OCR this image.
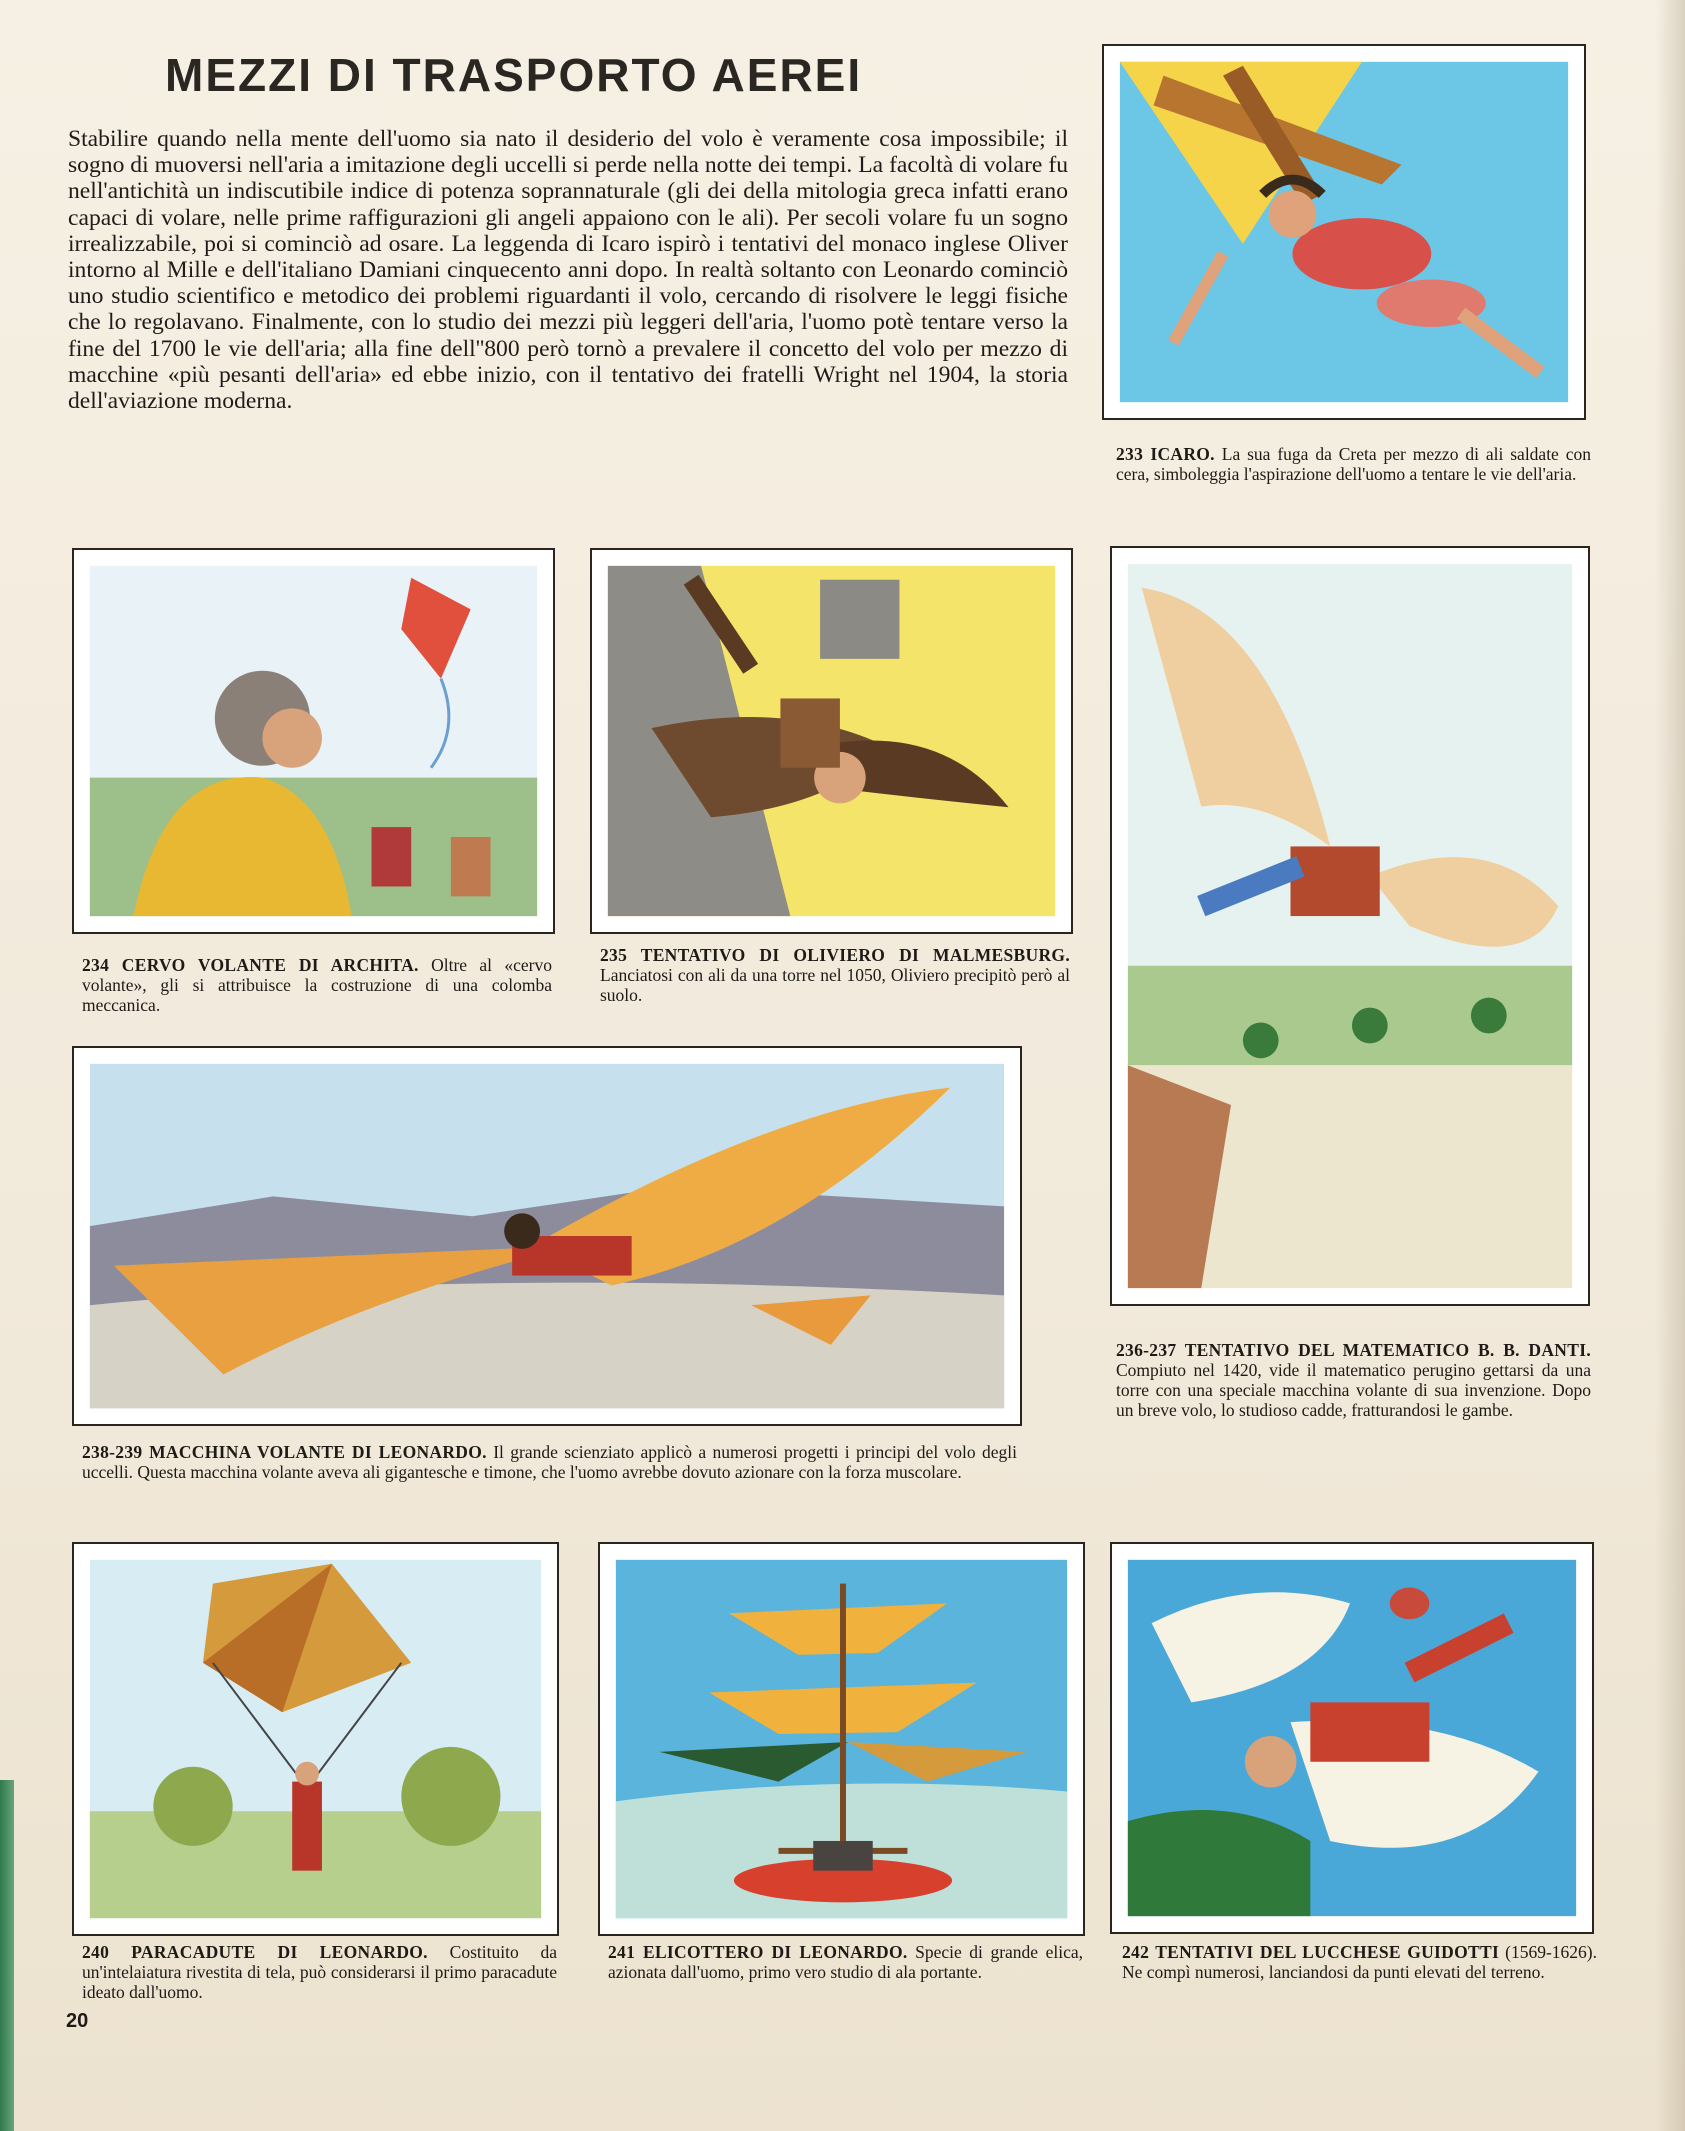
MEZZI DI TRASPORTO AEREI

Stabilire quando nella mente dell'uomo sia nato il desiderio del volo è veramente cosa impossibile; il sogno di muoversi nell'aria a imitazione degli uccelli si perde nella notte dei tempi. La facoltà di volare fu nell'antichità un indiscutibile indice di potenza soprannaturale (gli dei della mitologia greca infatti erano capaci di volare, nelle prime raffigurazioni gli angeli appaiono con le ali). Per secoli volare fu un sogno irrealizzabile, poi si cominciò ad osare. La leggenda di Icaro ispirò i tentativi del monaco inglese Oliver intorno al Mille e dell'italiano Damiani cinquecento anni dopo. In realtà soltanto con Leonardo cominciò uno studio scientifico e metodico dei problemi riguardanti il volo, cercando di risolvere le leggi fisiche che lo regolavano. Finalmente, con lo studio dei mezzi più leggeri dell'aria, l'uomo potè tentare verso la fine del 1700 le vie dell'aria; alla fine dell''800 però tornò a prevalere il concetto del volo per mezzo di macchine «più pesanti dell'aria» ed ebbe inizio, con il tentativo dei fratelli Wright nel 1904, la storia dell'aviazione moderna.

233 ICARO. La sua fuga da Creta per mezzo di ali saldate con cera, simboleggia l'aspirazione dell'uomo a tentare le vie dell'aria.

234 CERVO VOLANTE DI ARCHITA. Oltre al «cervo volante», gli si attribuisce la costruzione di una colomba meccanica.

235 TENTATIVO DI OLIVIERO DI MALMESBURG. Lanciatosi con ali da una torre nel 1050, Oliviero precipitò però al suolo.

236-237 TENTATIVO DEL MATEMATICO B. B. DANTI. Compiuto nel 1420, vide il matematico perugino gettarsi da una torre con una speciale macchina volante di sua invenzione. Dopo un breve volo, lo studioso cadde, fratturandosi le gambe.

238-239 MACCHINA VOLANTE DI LEONARDO. Il grande scienziato applicò a numerosi progetti i principi del volo degli uccelli. Questa macchina volante aveva ali gigantesche e timone, che l'uomo avrebbe dovuto azionare con la forza muscolare.

240 PARACADUTE DI LEONARDO. Costituito da un'intelaiatura rivestita di tela, può considerarsi il primo paracadute ideato dall'uomo.

241 ELICOTTERO DI LEONARDO. Specie di grande elica, azionata dall'uomo, primo vero studio di ala portante.

242 TENTATIVI DEL LUCCHESE GUIDOTTI (1569-1626). Ne compì numerosi, lanciandosi da punti elevati del terreno.

20
